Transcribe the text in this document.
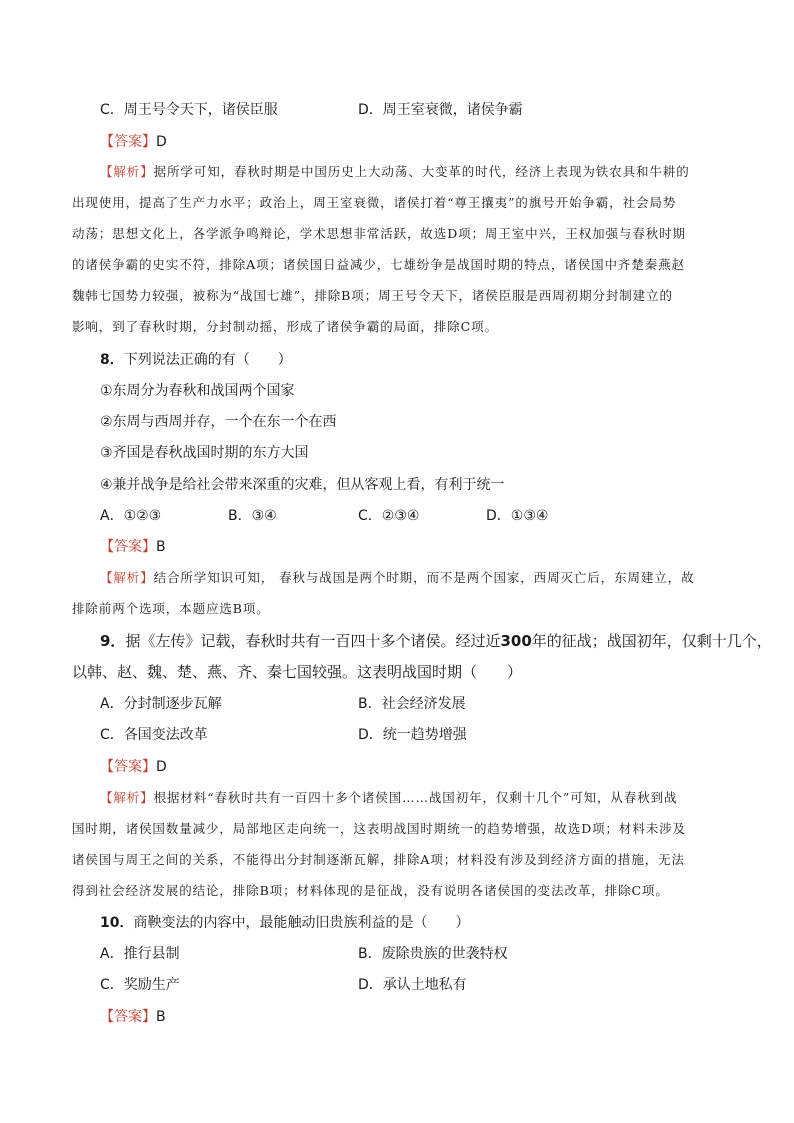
C．周王号令天下，诸侯臣服	D．周王室衰微，诸侯争霸
【答案】D
【解析】据所学可知，春秋时期是中国历史上大动荡、大变革的时代，经济上表现为铁农具和牛耕的
出现使用，提高了生产力水平；政治上，周王室衰微，诸侯打着“尊王攘夷”的旗号开始争霸，社会局势
动荡；思想文化上，各学派争鸣辩论，学术思想非常活跃，故选D项；周王室中兴，王权加强与春秋时期
的诸侯争霸的史实不符，排除A项；诸侯国日益减少，七雄纷争是战国时期的特点，诸侯国中齐楚秦燕赵
魏韩七国势力较强，被称为“战国七雄”，排除B项；周王号令天下，诸侯臣服是西周初期分封制建立的
影响，到了春秋时期，分封制动摇，形成了诸侯争霸的局面，排除C项。
8．下列说法正确的有（　　）
①东周分为春秋和战国两个国家
②东周与西周并存，一个在东一个在西
③齐国是春秋战国时期的东方大国
④兼并战争是给社会带来深重的灾难，但从客观上看，有利于统一
A．①②③	B．③④	C．②③④	D．①③④
【答案】B
【解析】结合所学知识可知， 春秋与战国是两个时期，而不是两个国家，西周灭亡后，东周建立，故
排除前两个选项，本题应选B项。
9．据《左传》记载，春秋时共有一百四十多个诸侯。经过近300年的征战；战国初年，仅剩十几个，
以韩、赵、魏、楚、燕、齐、秦七国较强。这表明战国时期（　　）
A．分封制逐步瓦解	B．社会经济发展
C．各国变法改革	D．统一趋势增强
【答案】D
【解析】根据材料“春秋时共有一百四十多个诸侯国……战国初年，仅剩十几个”可知，从春秋到战
国时期，诸侯国数量减少，局部地区走向统一，这表明战国时期统一的趋势增强，故选D项；材料未涉及
诸侯国与周王之间的关系，不能得出分封制逐渐瓦解，排除A项；材料没有涉及到经济方面的措施，无法
得到社会经济发展的结论，排除B项；材料体现的是征战，没有说明各诸侯国的变法改革，排除C项。
10．商鞅变法的内容中，最能触动旧贵族利益的是（　　）
A．推行县制	B．废除贵族的世袭特权
C．奖励生产	D．承认土地私有
【答案】B
